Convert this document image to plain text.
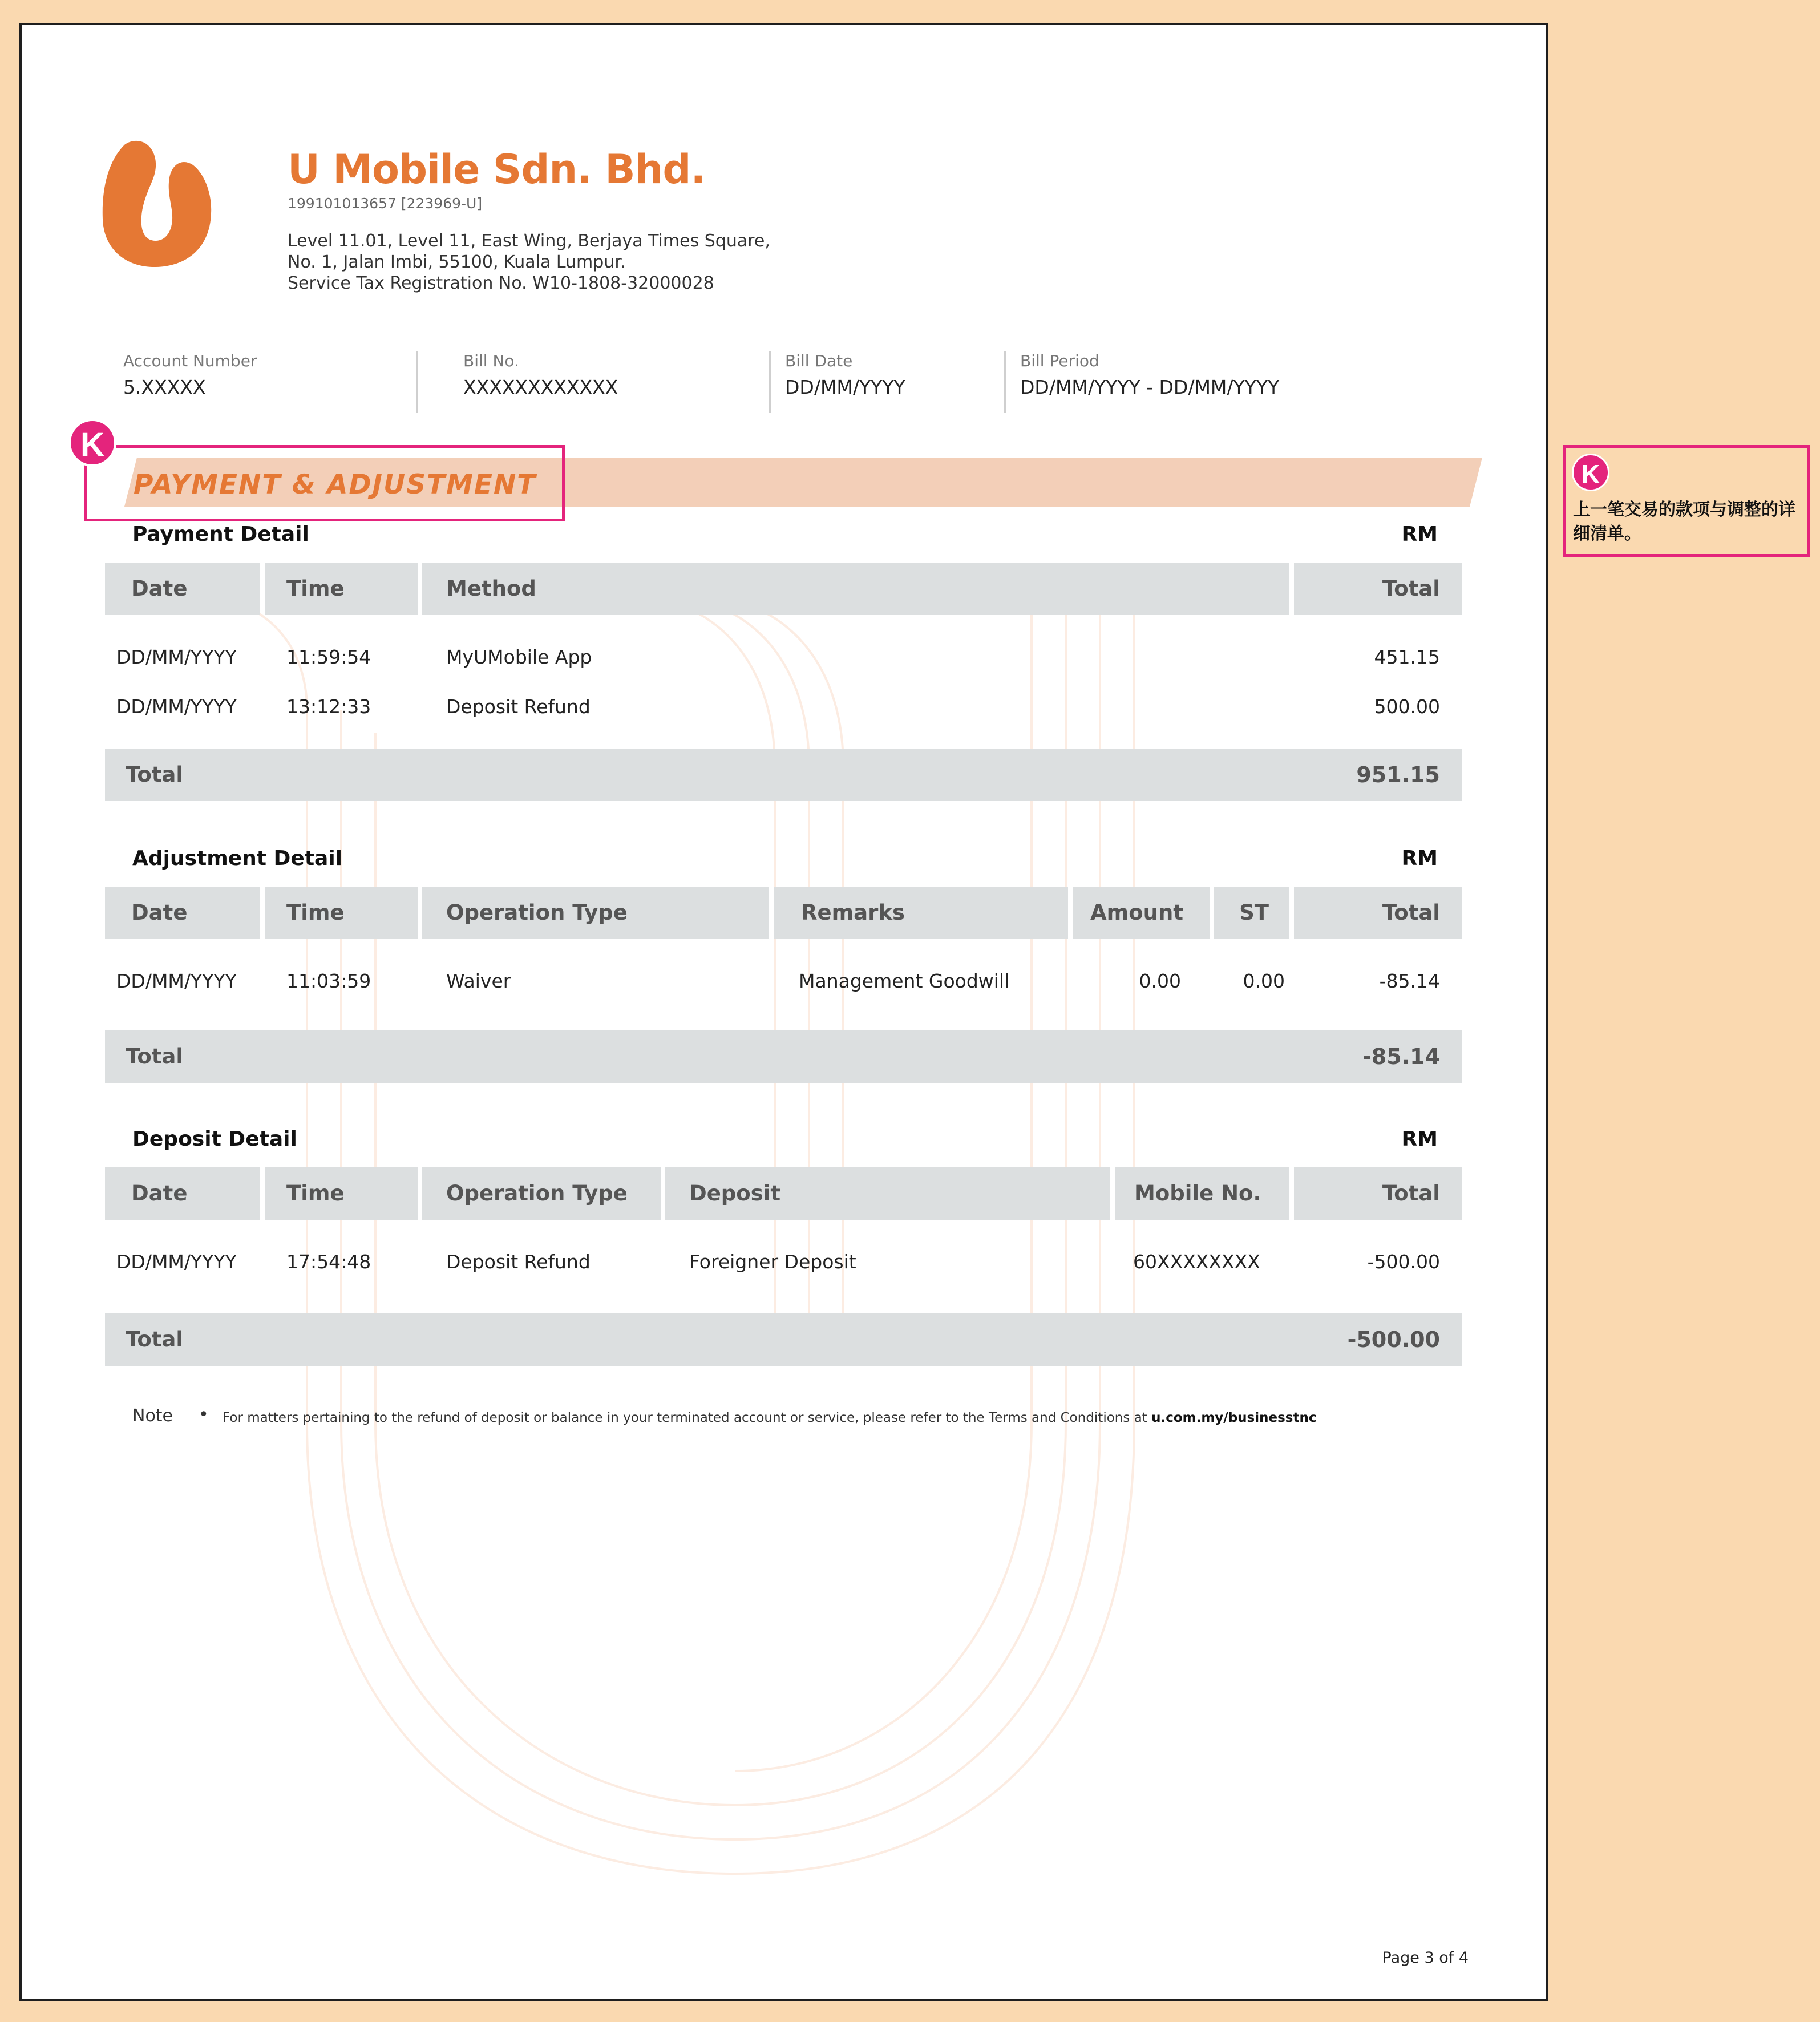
U Mobile Sdn. Bhd.
199101013657 [223969-U]
Level 11.01, Level 11, East Wing, Berjaya Times Square,
No. 1, Jalan Imbi, 55100, Kuala Lumpur.
Service Tax Registration No. W10-1808-32000028
Account Number
5.XXXXX
Bill No.
XXXXXXXXXXXX
Bill Date
DD/MM/YYYY
Bill Period
DD/MM/YYYY - DD/MM/YYYY
PAYMENT & ADJUSTMENT
K
Payment Detail	RM
Date	Time	Method	Total
DD/MM/YYYY	11:59:54	MyUMobile App	451.15
DD/MM/YYYY	13:12:33	Deposit Refund	500.00
Total	951.15
Adjustment Detail	RM
Date	Time	Operation Type	Remarks	Amount	ST	Total
DD/MM/YYYY	11:03:59	Waiver	Management Goodwill	0.00	0.00	-85.14
Total	-85.14
Deposit Detail	RM
Date	Time	Operation Type	Deposit	Mobile No.	Total
DD/MM/YYYY	17:54:48	Deposit Refund	Foreigner Deposit	60XXXXXXXX	-500.00
Total	-500.00
Note • For matters pertaining to the refund of deposit or balance in your terminated account or service, please refer to the Terms and Conditions at u.com.my/businesstnc
Page 3 of 4
K
上一笔交易的款项与调整的详细清单。
